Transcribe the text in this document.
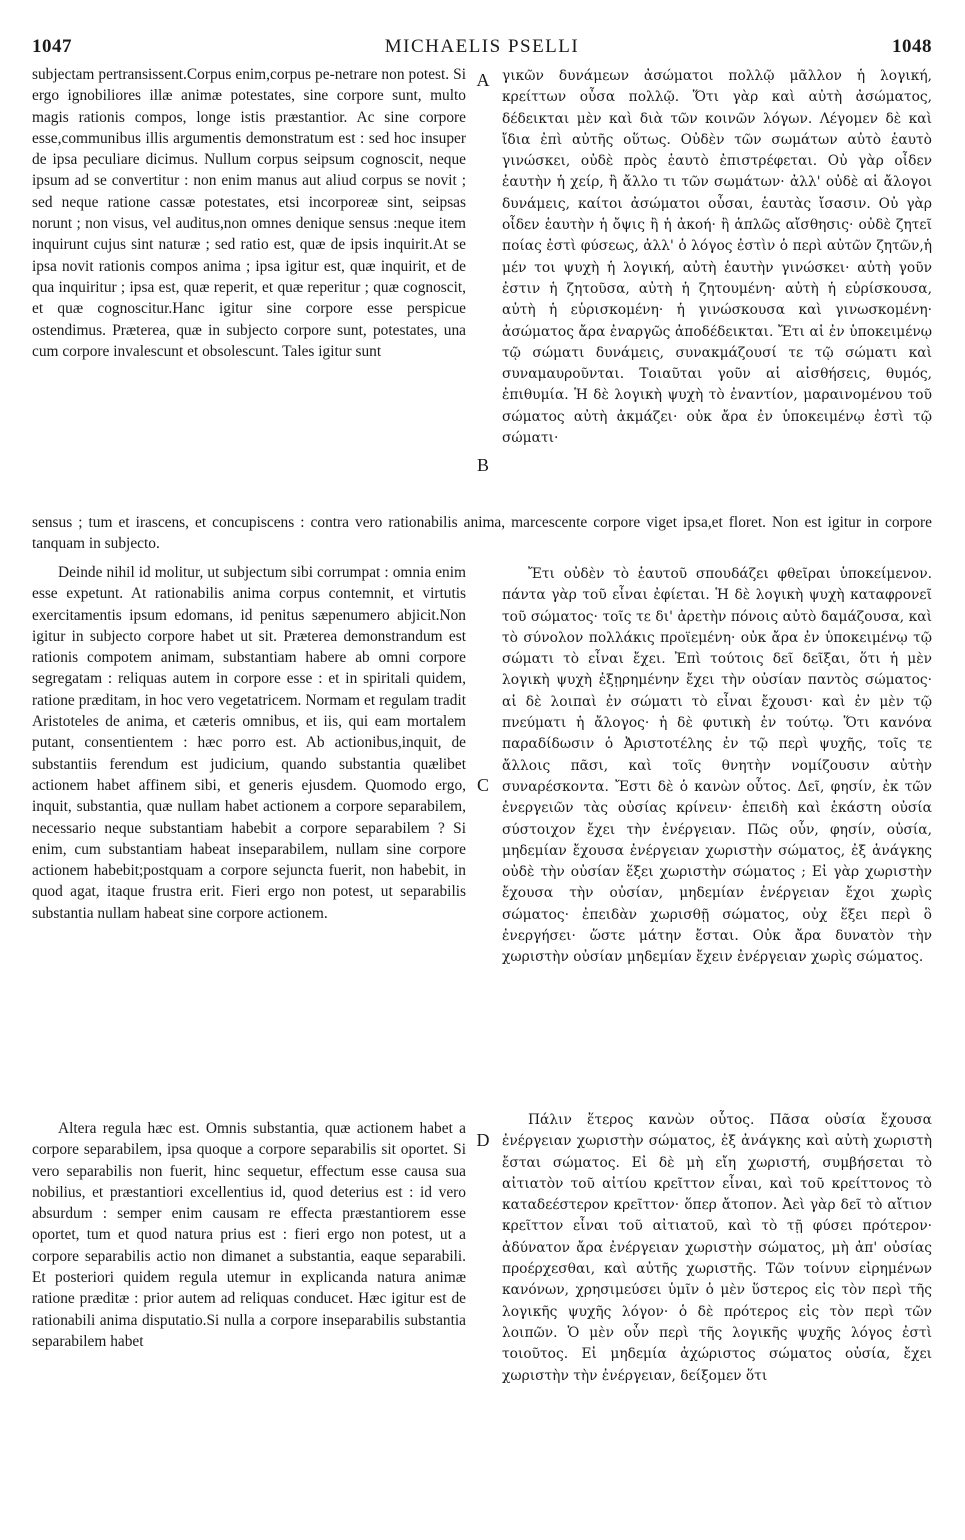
1047	MICHAELIS PSELLI	1048
A
B
C
D

subjectam pertransissent.Corpus enim,corpus pe-netrare non potest. Si ergo ignobiliores illæ animæ potestates, sine corpore sunt, multo magis rationis compos, longe istis præstantior. Ac sine corpore esse,communibus illis argumentis demonstratum est : sed hoc insuper de ipsa peculiare dicimus. Nullum corpus seipsum cognoscit, neque ipsum ad se convertitur : non enim manus aut aliud corpus se novit ; sed neque ratione cassæ potestates, etsi incorporeæ sint, seipsas norunt ; non visus, vel auditus,non omnes denique sensus :neque item inquirunt cujus sint naturæ ; sed ratio est, quæ de ipsis inquirit.At se ipsa novit rationis compos anima ; ipsa igitur est, quæ inquirit, et de qua inquiritur ; ipsa est, quæ reperit, et quæ reperitur ; quæ cognoscit, et quæ cognoscitur.Hanc igitur sine corpore esse perspicue ostendimus. Præterea, quæ in subjecto corpore sunt, potestates, una cum corpore invalescunt et obsolescunt. Tales igitur sunt

γικῶν δυνάμεων ἀσώματοι πολλῷ μᾶλλον ἡ λογική, κρείττων οὖσα πολλῷ. Ὅτι γὰρ καὶ αὐτὴ ἀσώματος, δέδεικται μὲν καὶ διὰ τῶν κοινῶν λόγων. Λέγομεν δὲ καὶ ἴδια ἐπὶ αὐτῆς οὕτως. Οὐδὲν τῶν σωμάτων αὐτὸ ἑαυτὸ γινώσκει, οὐδὲ πρὸς ἑαυτὸ ἐπιστρέφεται. Οὐ γὰρ οἶδεν ἑαυτὴν ἡ χείρ, ἢ ἄλλο τι τῶν σωμάτων· ἀλλ' οὐδὲ αἱ ἄλογοι δυνάμεις, καίτοι ἀσώματοι οὖσαι, ἑαυτὰς ἴσασιν. Οὐ γὰρ οἶδεν ἑαυτὴν ἡ ὄψις ἢ ἡ ἀκοή· ἢ ἁπλῶς αἴσθησις· οὐδὲ ζητεῖ ποίας ἐστὶ φύσεως, ἀλλ' ὁ λόγος ἐστὶν ὁ περὶ αὐτῶν ζητῶν,ἡ μέν τοι ψυχὴ ἡ λογική, αὐτὴ ἑαυτὴν γινώσκει· αὐτὴ γοῦν ἐστιν ἡ ζητοῦσα, αὐτὴ ἡ ζητουμένη· αὐτὴ ἡ εὑρίσκουσα, αὐτὴ ἡ εὑρισκομένη· ἡ γινώσκουσα καὶ γινωσκομένη· ἀσώματος ἄρα ἐναργῶς ἀποδέδεικται. Ἔτι αἱ ἐν ὑποκειμένῳ τῷ σώματι δυνάμεις, συνακμάζουσί τε τῷ σώματι καὶ συναμαυροῦνται. Τοιαῦται γοῦν αἱ αἰσθήσεις, θυμός, ἐπιθυμία. Ἡ δὲ λογικὴ ψυχὴ τὸ ἐναντίον, μαραινομένου τοῦ σώματος αὐτὴ ἀκμάζει· οὐκ ἄρα ἐν ὑποκειμένῳ ἐστὶ τῷ σώματι·

sensus ; tum et irascens, et concupiscens : contra vero rationabilis anima, marcescente corpore viget ipsa,et floret. Non est igitur in corpore tanquam in subjecto.

Deinde nihil id molitur, ut subjectum sibi corrumpat : omnia enim esse expetunt. At rationabilis anima corpus contemnit, et virtutis exercitamentis ipsum edomans, id penitus sæpenumero abjicit.Non igitur in subjecto corpore habet ut sit. Præterea demonstrandum est rationis compotem animam, substantiam habere ab omni corpore segregatam : reliquas autem in corpore esse : et in spiritali quidem, ratione præditam, in hoc vero vegetatricem. Normam et regulam tradit Aristoteles de anima, et cæteris omnibus, et iis, qui eam mortalem putant, consentientem : hæc porro est. Ab actionibus,inquit, de substantiis ferendum est judicium, quando substantia quælibet actionem habet affinem sibi, et generis ejusdem. Quomodo ergo, inquit, substantia, quæ nullam habet actionem a corpore separabilem, necessario neque substantiam habebit a corpore separabilem ? Si enim, cum substantiam habeat inseparabilem, nullam sine corpore actionem habebit;postquam a corpore sejuncta fuerit, non habebit, in quod agat, itaque frustra erit. Fieri ergo non potest, ut separabilis substantia nullam habeat sine corpore actionem.

Ἔτι οὐδὲν τὸ ἑαυτοῦ σπουδάζει φθεῖραι ὑποκείμενον. πάντα γὰρ τοῦ εἶναι ἐφίεται. Ἡ δὲ λογικὴ ψυχὴ καταφρονεῖ τοῦ σώματος· τοῖς τε δι' ἀρετὴν πόνοις αὐτὸ δαμάζουσα, καὶ τὸ σύνολον πολλάκις προϊεμένη· οὐκ ἄρα ἐν ὑποκειμένῳ τῷ σώματι τὸ εἶναι ἔχει. Ἐπὶ τούτοις δεῖ δεῖξαι, ὅτι ἡ μὲν λογικὴ ψυχὴ ἐξῃρημένην ἔχει τὴν οὐσίαν παντὸς σώματος· αἱ δὲ λοιπαὶ ἐν σώματι τὸ εἶναι ἔχουσι· καὶ ἐν μὲν τῷ πνεύματι ἡ ἄλογος· ἡ δὲ φυτικὴ ἐν τούτῳ. Ὅτι κανόνα παραδίδωσιν ὁ Ἀριστοτέλης ἐν τῷ περὶ ψυχῆς, τοῖς τε ἄλλοις πᾶσι, καὶ τοῖς θνητὴν νομίζουσιν αὐτὴν συναρέσκοντα. Ἔστι δὲ ὁ κανὼν οὗτος. Δεῖ, φησίν, ἐκ τῶν ἐνεργειῶν τὰς οὐσίας κρίνειν· ἐπειδὴ καὶ ἑκάστη οὐσία σύστοιχον ἔχει τὴν ἐνέργειαν. Πῶς οὖν, φησίν, οὐσία, μηδεμίαν ἔχουσα ἐνέργειαν χωριστὴν σώματος, ἐξ ἀνάγκης οὐδὲ τὴν οὐσίαν ἕξει χωριστὴν σώματος ; Εἰ γὰρ χωριστὴν ἔχουσα τὴν οὐσίαν, μηδεμίαν ἐνέργειαν ἔχοι χωρὶς σώματος· ἐπειδὰν χωρισθῇ σώματος, οὐχ ἕξει περὶ ὃ ἐνεργήσει· ὥστε μάτην ἔσται. Οὐκ ἄρα δυνατὸν τὴν χωριστὴν οὐσίαν μηδεμίαν ἔχειν ἐνέργειαν χωρὶς σώματος.

Altera regula hæc est. Omnis substantia, quæ actionem habet a corpore separabilem, ipsa quoque a corpore separabilis sit oportet. Si vero separabilis non fuerit, hinc sequetur, effectum esse causa sua nobilius, et præstantiori excellentius id, quod deterius est : id vero absurdum : semper enim causam re effecta præstantiorem esse oportet, tum et quod natura prius est : fieri ergo non potest, ut a corpore separabilis actio non dimanet a substantia, eaque separabili. Et posteriori quidem regula utemur in explicanda natura animæ ratione præditæ : prior autem ad reliquas conducet. Hæc igitur est de rationabili anima disputatio.Si nulla a corpore inseparabilis substantia separabilem habet

Πάλιν ἕτερος κανὼν οὗτος. Πᾶσα οὐσία ἔχουσα ἐνέργειαν χωριστὴν σώματος, ἐξ ἀνάγκης καὶ αὐτὴ χωριστὴ ἔσται σώματος. Εἰ δὲ μὴ εἴη χωριστή, συμβήσεται τὸ αἰτιατὸν τοῦ αἰτίου κρεῖττον εἶναι, καὶ τοῦ κρείττονος τὸ καταδεέστερον κρεῖττον· ὅπερ ἄτοπον. Ἀεὶ γὰρ δεῖ τὸ αἴτιον κρεῖττον εἶναι τοῦ αἰτιατοῦ, καὶ τὸ τῇ φύσει πρότερον· ἀδύνατον ἄρα ἐνέργειαν χωριστὴν σώματος, μὴ ἀπ' οὐσίας προέρχεσθαι, καὶ αὐτῆς χωριστῆς. Τῶν τοίνυν εἰρημένων κανόνων, χρησιμεύσει ὑμῖν ὁ μὲν ὕστερος εἰς τὸν περὶ τῆς λογικῆς ψυχῆς λόγον· ὁ δὲ πρότερος εἰς τὸν περὶ τῶν λοιπῶν. Ὁ μὲν οὖν περὶ τῆς λογικῆς ψυχῆς λόγος ἐστὶ τοιοῦτος. Εἰ μηδεμία ἀχώριστος σώματος οὐσία, ἔχει χωριστὴν τὴν ἐνέργειαν, δείξομεν ὅτι
